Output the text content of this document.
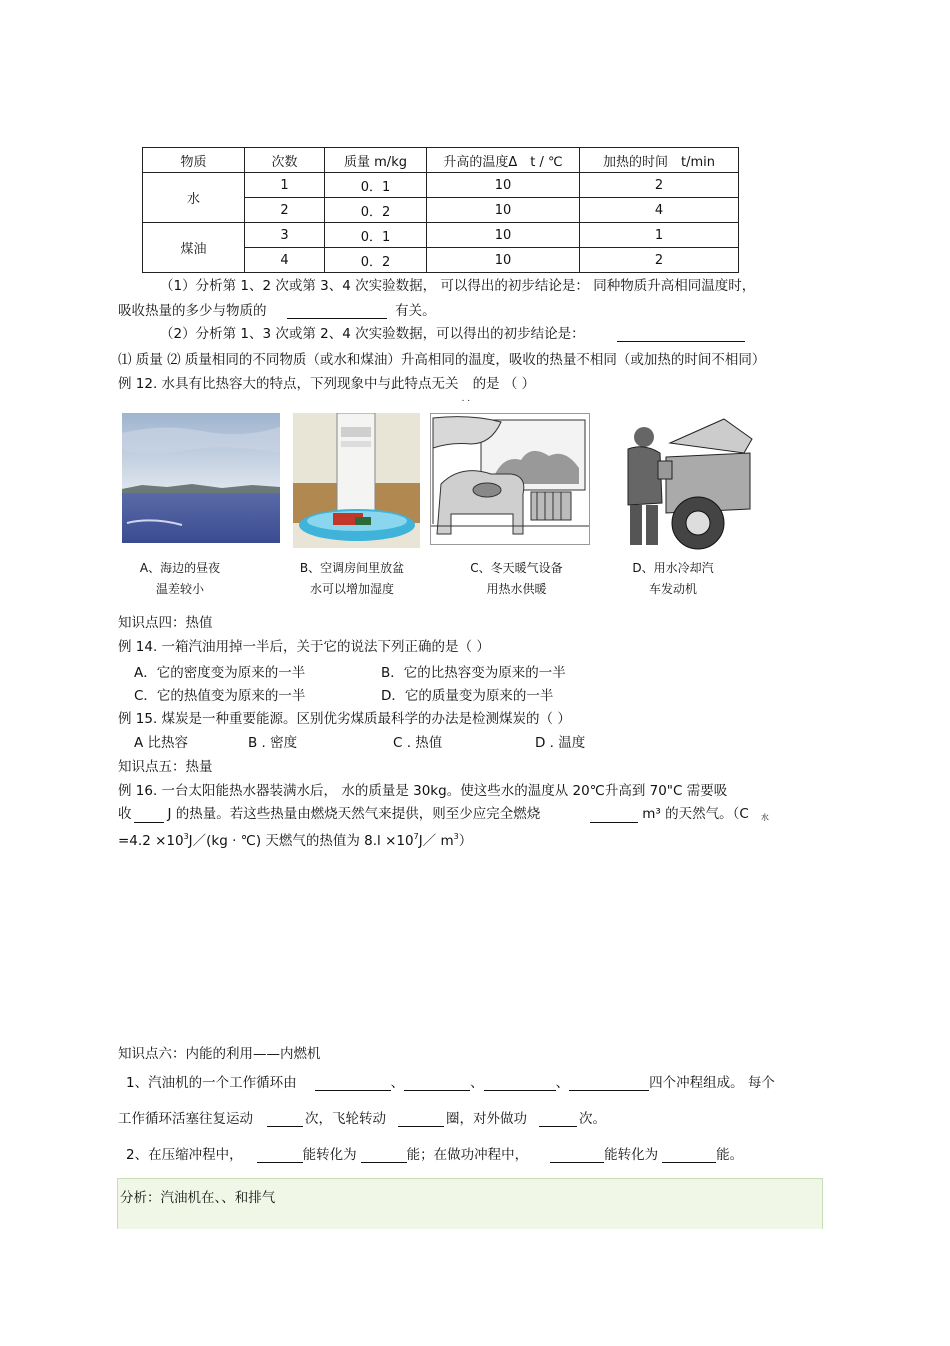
物质	次数	质量 m/kg	升高的温度Δ　t / ℃	加热的时间　t/min
水	1	0．1	10	2
	2	0．2	10	4
煤油	3	0．1	10	1
	4	0．2	10	2
（1）分析第 1、2 次或第 3、4 次实验数据， 可以得出的初步结论是： 同种物质升高相同温度时，
吸收热量的多少与物质的	有关。
（2）分析第 1、3 次或第 2、4 次实验数据，可以得出的初步结论是：
⑴ 质量 ⑵ 质量相同的不同物质（或水和煤油）升高相同的温度，吸收的热量不相同（或加热的时间不相同）
例 12. 水具有比热容大的特点，下列现象中与此特点无关
. .
的是 （ ）
A、海边的昼夜
温差较小
B、空调房间里放盆
水可以增加湿度
C、冬天暖气设备
用热水供暖
D、用水冷却汽
车发动机
知识点四：热值
例 14. 一箱汽油用掉一半后，关于它的说法下列正确的是（ ）
A．它的密度变为原来的一半	B．它的比热容变为原来的一半
C．它的热值变为原来的一半	D．它的质量变为原来的一半
例 15. 煤炭是一种重要能源。区别优劣煤质最科学的办法是检测煤炭的（ ）
A 比热容	B . 密度	C . 热值	D . 温度
知识点五：热量
例 16. 一台太阳能热水器装满水后， 水的质量是 30kg。使这些水的温度从 20℃升高到 70"C 需要吸
收	J 的热量。若这些热量由燃烧天然气来提供，则至少应完全燃烧	m³ 的天然气。（C $_水$
$=4.2 \times 10^3J/(kg$ · ℃) 天燃气的热值为 $8.l \times 10^7J/$ $m^3$）
知识点六：内能的利用——内燃机
1、汽油机的一个工作循环由	、	、	、	四个冲程组成。 每个
工作循环活塞往复运动	次，飞轮转动	圈，对外做功	次。
2、在压缩冲程中，	能转化为	能；在做功冲程中，	能转化为	能。
分析：汽油机在、、和排气
